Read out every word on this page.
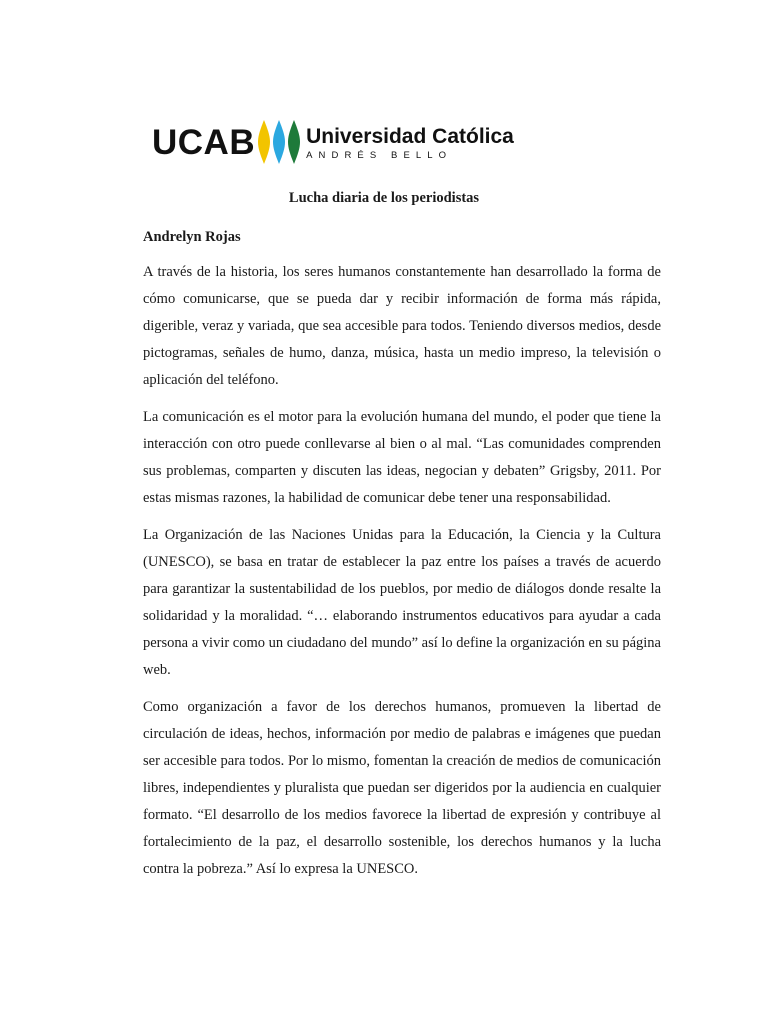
UCAB Universidad Católica
ANDRÉS BELLO
Lucha diaria de los periodistas
Andrelyn Rojas

A través de la historia, los seres humanos constantemente han desarrollado la forma de cómo comunicarse, que se pueda dar y recibir información de forma más rápida, digerible, veraz y variada, que sea accesible para todos. Teniendo diversos medios, desde pictogramas, señales de humo, danza, música, hasta un medio impreso, la televisión o aplicación del teléfono.

La comunicación es el motor para la evolución humana del mundo, el poder que tiene la interacción con otro puede conllevarse al bien o al mal. “Las comunidades comprenden sus problemas, comparten y discuten las ideas, negocian y debaten” Grigsby, 2011. Por estas mismas razones, la habilidad de comunicar debe tener una responsabilidad.

La Organización de las Naciones Unidas para la Educación, la Ciencia y la Cultura (UNESCO), se basa en tratar de establecer la paz entre los países a través de acuerdo para garantizar la sustentabilidad de los pueblos, por medio de diálogos donde resalte la solidaridad y la moralidad. “… elaborando instrumentos educativos para ayudar a cada persona a vivir como un ciudadano del mundo” así lo define la organización en su página web.

Como organización a favor de los derechos humanos, promueven la libertad de circulación de ideas, hechos, información por medio de palabras e imágenes que puedan ser accesible para todos. Por lo mismo, fomentan la creación de medios de comunicación libres, independientes y pluralista que puedan ser digeridos por la audiencia en cualquier formato. “El desarrollo de los medios favorece la libertad de expresión y contribuye al fortalecimiento de la paz, el desarrollo sostenible, los derechos humanos y la lucha contra la pobreza.” Así lo expresa la UNESCO.
